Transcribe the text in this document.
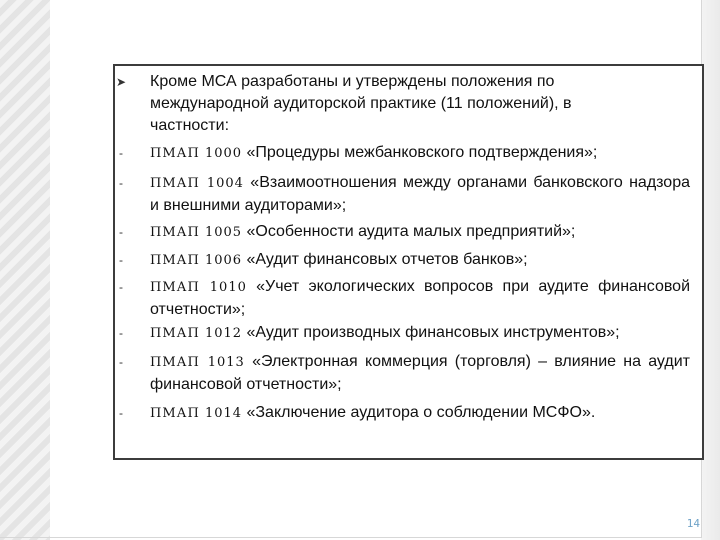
➤ Кроме МСА разработаны и утверждены положения по
международной аудиторской практике (11 положений), в
частности:
-	ПМАП 1000 «Процедуры межбанковского подтверждения»;
-	ПМАП 1004 «Взаимоотношения между органами банковского надзора и внешними аудиторами»;
-	ПМАП 1005 «Особенности аудита малых предприятий»;
-	ПМАП 1006 «Аудит финансовых отчетов банков»;
-	ПМАП 1010 «Учет экологических вопросов при аудите финансовой отчетности»;
-	ПМАП 1012 «Аудит производных финансовых инструментов»;
-	ПМАП 1013 «Электронная коммерция (торговля) – влияние на аудит финансовой отчетности»;
-	ПМАП 1014 «Заключение аудитора о соблюдении МСФО».
14
